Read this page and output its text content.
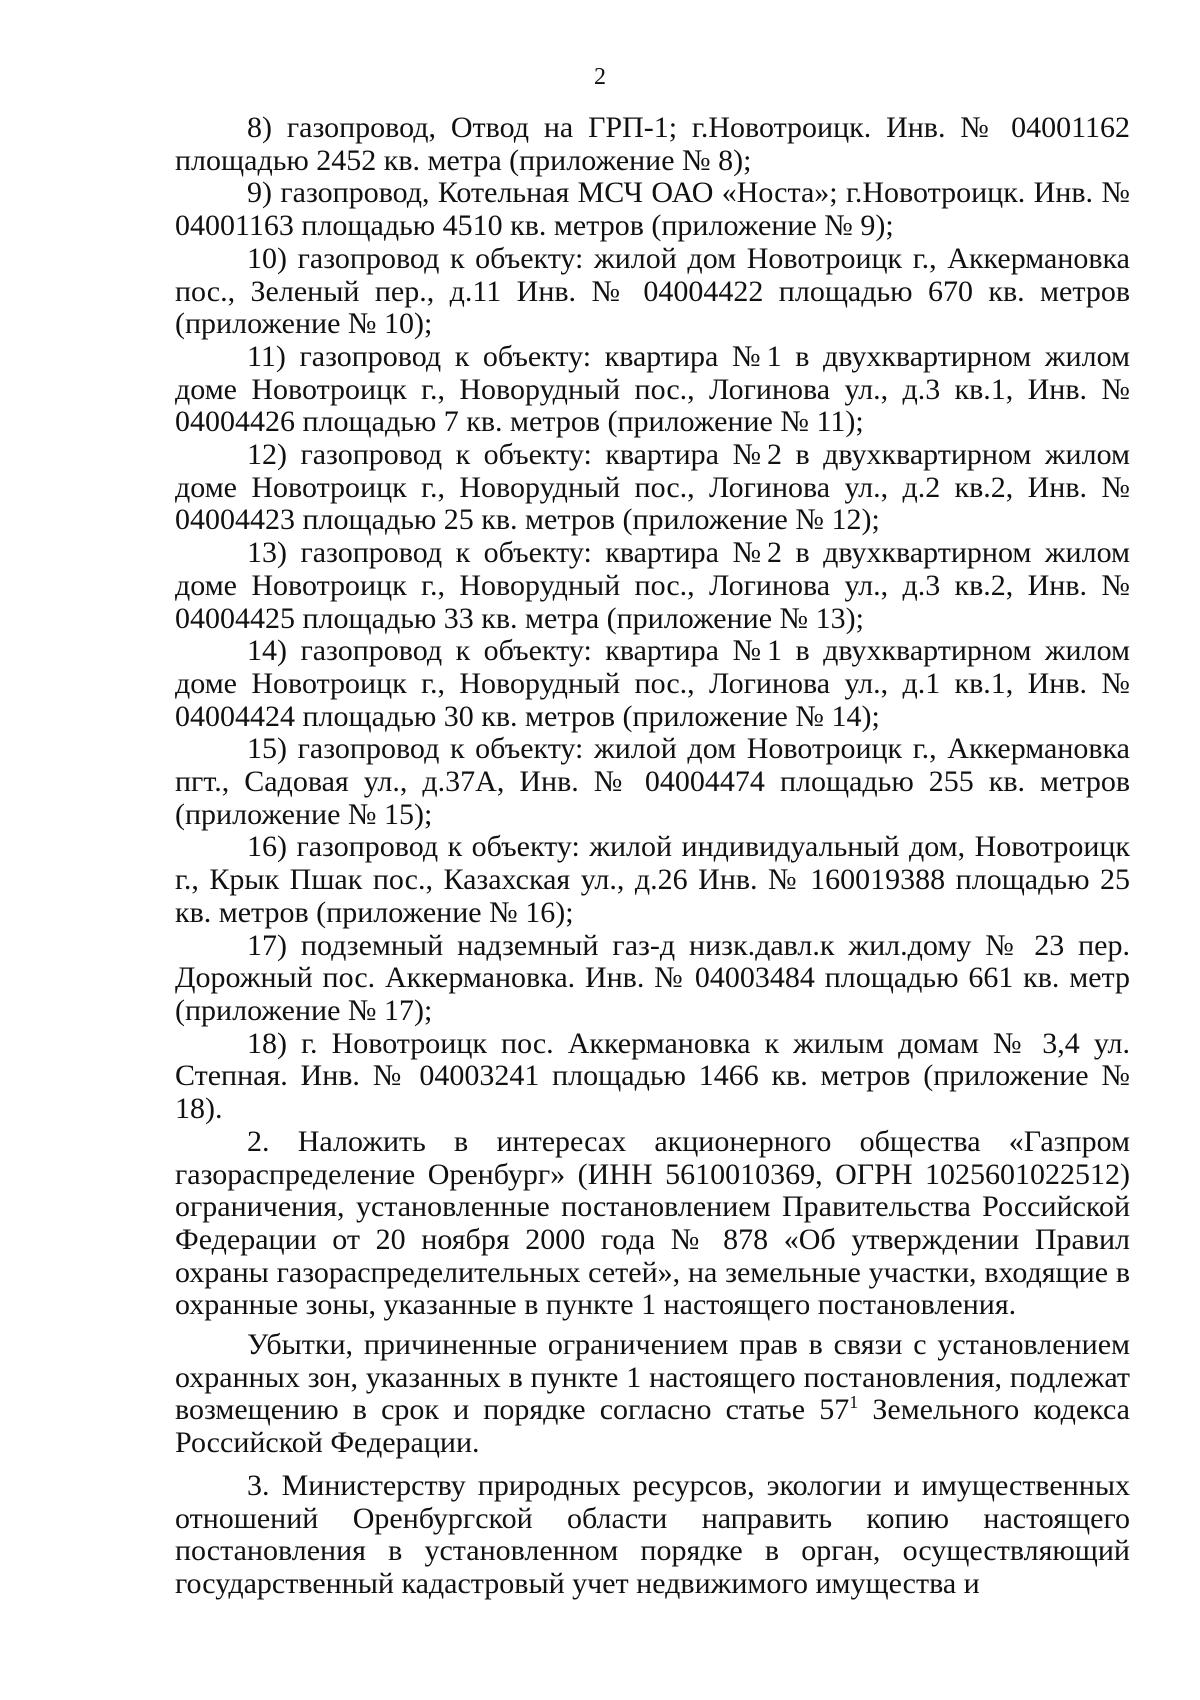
2

8) газопровод, Отвод на ГРП-1; г.Новотроицк. Инв. № 04001162 площадью 2452 кв. метра (приложение № 8);

9) газопровод, Котельная МСЧ ОАО «Носта»; г.Новотроицк. Инв. № 04001163 площадью 4510 кв. метров (приложение № 9);

10) газопровод к объекту: жилой дом Новотроицк г., Аккермановка пос., Зеленый пер., д.11 Инв. № 04004422 площадью 670 кв. метров (приложение № 10);

11) газопровод к объекту: квартира №1 в двухквартирном жилом доме Новотроицк г., Новорудный пос., Логинова ул., д.3 кв.1, Инв. № 04004426 площадью 7 кв. метров (приложение № 11);

12) газопровод к объекту: квартира №2 в двухквартирном жилом доме Новотроицк г., Новорудный пос., Логинова ул., д.2 кв.2, Инв. № 04004423 площадью 25 кв. метров (приложение № 12);

13) газопровод к объекту: квартира №2 в двухквартирном жилом доме Новотроицк г., Новорудный пос., Логинова ул., д.3 кв.2, Инв. № 04004425 площадью 33 кв. метра (приложение № 13);

14) газопровод к объекту: квартира №1 в двухквартирном жилом доме Новотроицк г., Новорудный пос., Логинова ул., д.1 кв.1, Инв. № 04004424 площадью 30 кв. метров (приложение № 14);

15) газопровод к объекту: жилой дом Новотроицк г., Аккермановка пгт., Садовая ул., д.37А, Инв. № 04004474 площадью 255 кв. метров (приложение № 15);

16) газопровод к объекту: жилой индивидуальный дом, Новотроицк г., Крык Пшак пос., Казахская ул., д.26 Инв. № 160019388 площадью 25 кв. метров (приложение № 16);

17) подземный надземный газ-д низк.давл.к жил.дому № 23 пер. Дорожный пос. Аккермановка. Инв. № 04003484 площадью 661 кв. метр (приложение № 17);

18) г. Новотроицк пос. Аккермановка к жилым домам № 3,4 ул. Степная. Инв. № 04003241 площадью 1466 кв. метров (приложение № 18).

2. Наложить в интересах акционерного общества «Газпром газораспределение Оренбург» (ИНН 5610010369, ОГРН 1025601022512) ограничения, установленные постановлением Правительства Российской Федерации от 20 ноября 2000 года № 878 «Об утверждении Правил охраны газораспределительных сетей», на земельные участки, входящие в охранные зоны, указанные в пункте 1 настоящего постановления.

Убытки, причиненные ограничением прав в связи с установлением охранных зон, указанных в пункте 1 настоящего постановления, подлежат возмещению в срок и порядке согласно статье $57^1$ Земельного кодекса Российской Федерации.

3. Министерству природных ресурсов, экологии и имущественных отношений Оренбургской области направить копию настоящего постановления в установленном порядке в орган, осуществляющий государственный кадастровый учет недвижимого имущества и
